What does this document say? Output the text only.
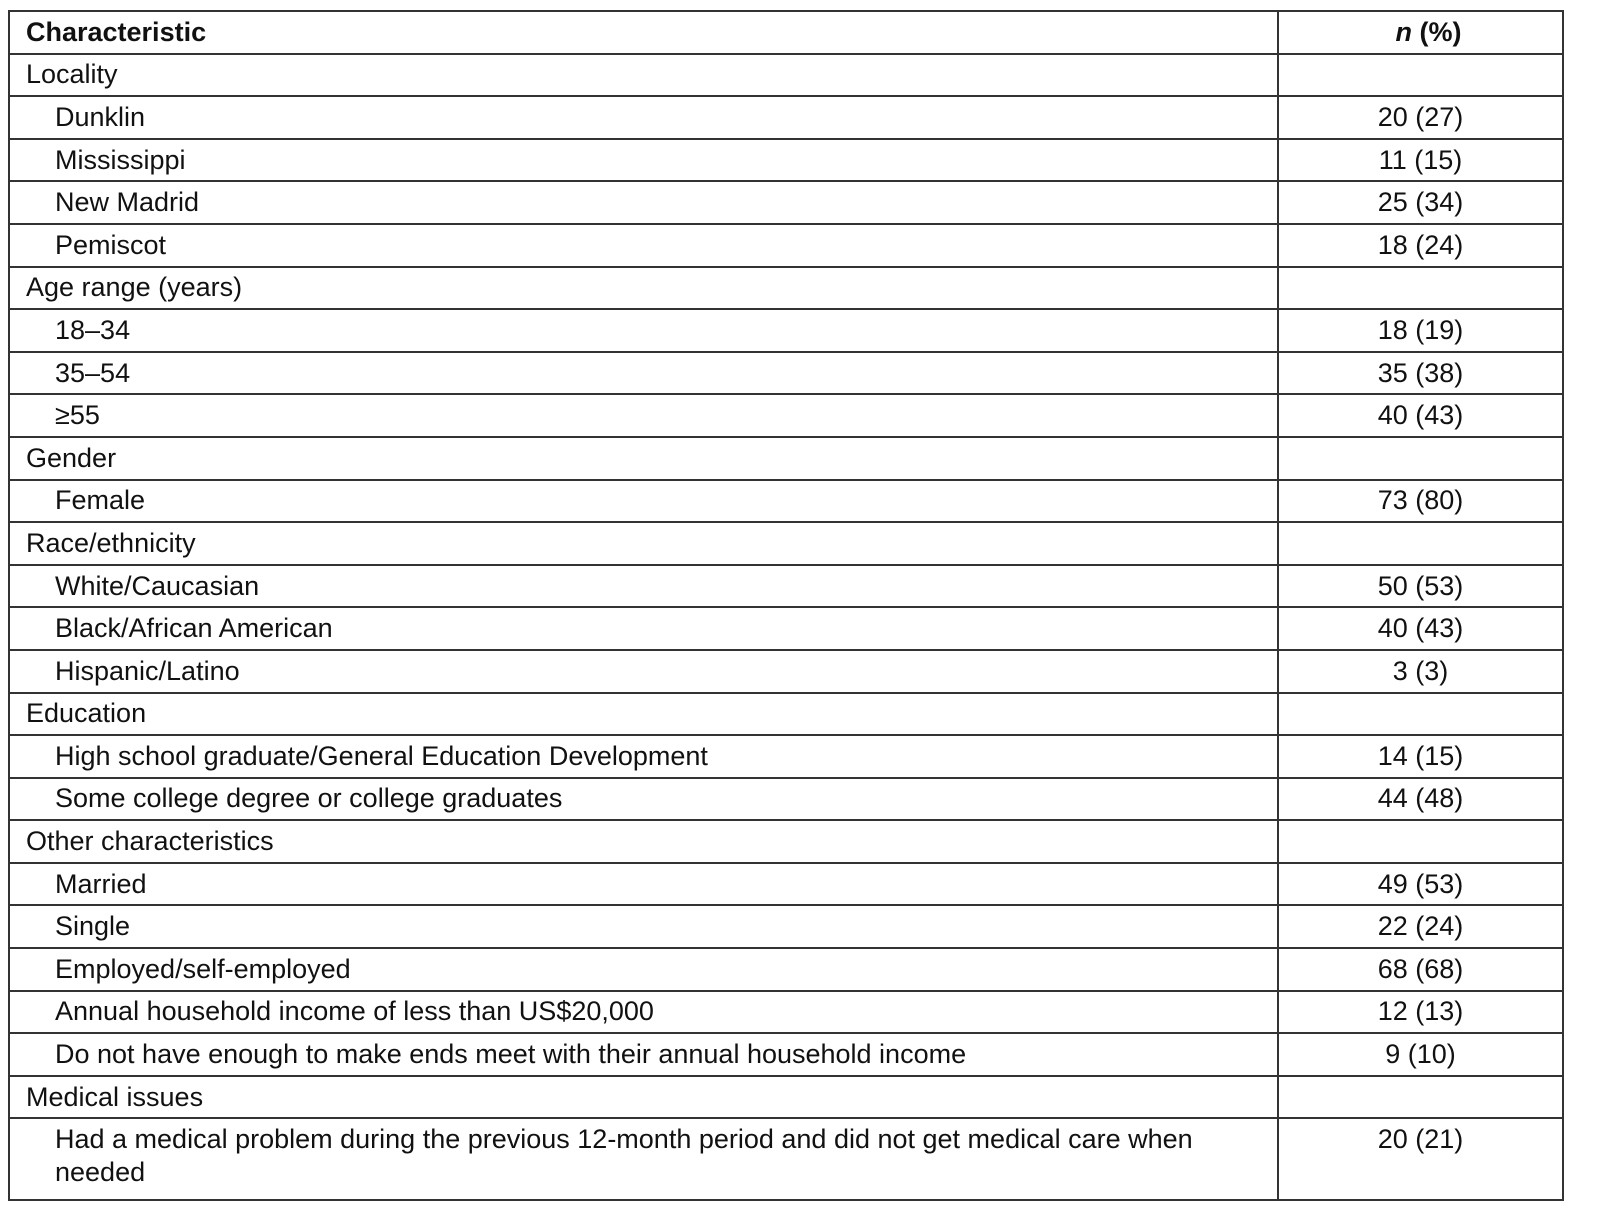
Characteristic	n (%)
Locality	
Dunklin	20 (27)
Mississippi	11 (15)
New Madrid	25 (34)
Pemiscot	18 (24)
Age range (years)	
18–34	18 (19)
35–54	35 (38)
≥55	40 (43)
Gender	
Female	73 (80)
Race/ethnicity	
White/Caucasian	50 (53)
Black/African American	40 (43)
Hispanic/Latino	3 (3)
Education	
High school graduate/General Education Development	14 (15)
Some college degree or college graduates	44 (48)
Other characteristics	
Married	49 (53)
Single	22 (24)
Employed/self-employed	68 (68)
Annual household income of less than US$20,000	12 (13)
Do not have enough to make ends meet with their annual household income	9 (10)
Medical issues	
Had a medical problem during the previous 12-month period and did not get medical care when needed	20 (21)
